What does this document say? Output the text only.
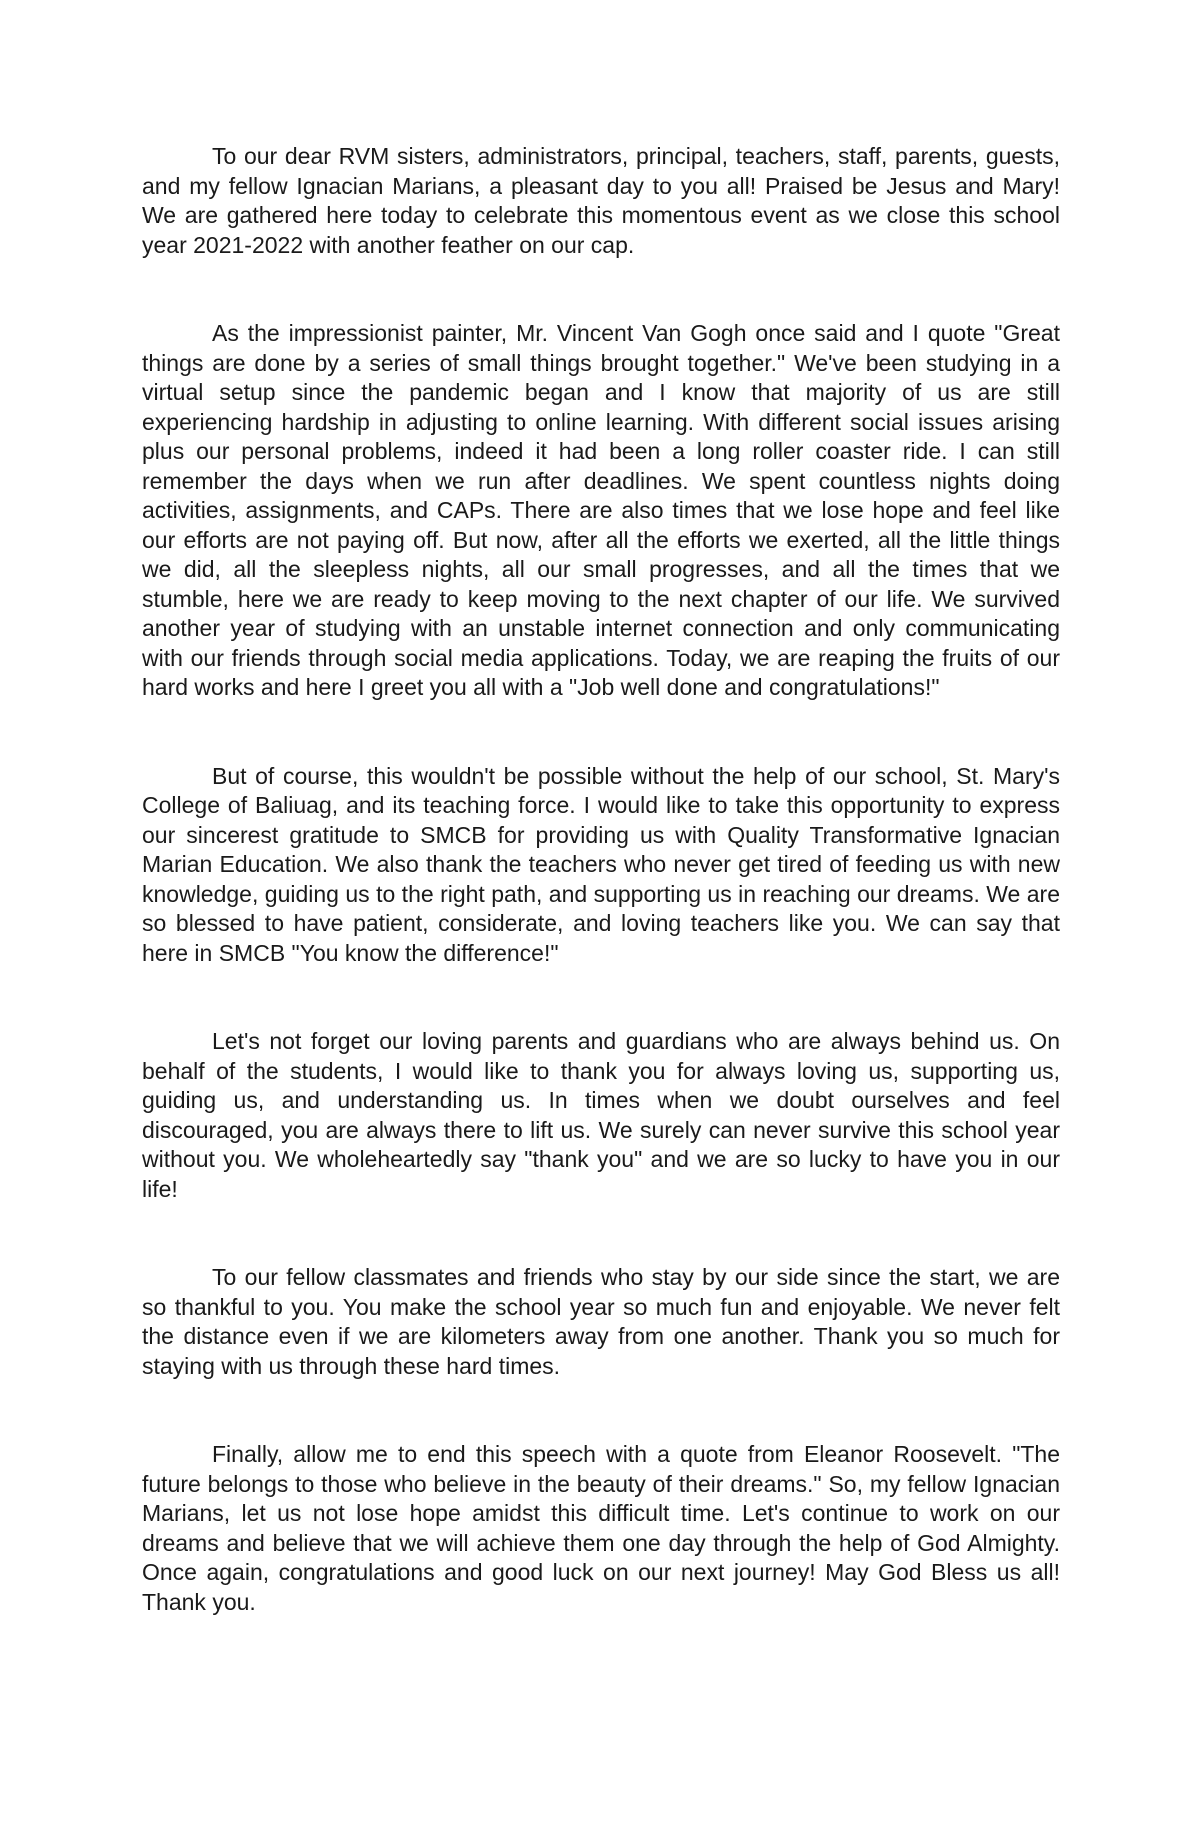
To our dear RVM sisters, administrators, principal, teachers, staff, parents, guests, and my fellow Ignacian Marians, a pleasant day to you all! Praised be Jesus and Mary! We are gathered here today to celebrate this momentous event as we close this school year 2021-2022 with another feather on our cap.

As the impressionist painter, Mr. Vincent Van Gogh once said and I quote "Great things are done by a series of small things brought together." We've been studying in a virtual setup since the pandemic began and I know that majority of us are still experiencing hardship in adjusting to online learning. With different social issues arising plus our personal problems, indeed it had been a long roller coaster ride. I can still remember the days when we run after deadlines. We spent countless nights doing activities, assignments, and CAPs. There are also times that we lose hope and feel like our efforts are not paying off. But now, after all the efforts we exerted, all the little things we did, all the sleepless nights, all our small progresses, and all the times that we stumble, here we are ready to keep moving to the next chapter of our life. We survived another year of studying with an unstable internet connection and only communicating with our friends through social media applications. Today, we are reaping the fruits of our hard works and here I greet you all with a "Job well done and congratulations!"

But of course, this wouldn't be possible without the help of our school, St. Mary's College of Baliuag, and its teaching force. I would like to take this opportunity to express our sincerest gratitude to SMCB for providing us with Quality Transformative Ignacian Marian Education. We also thank the teachers who never get tired of feeding us with new knowledge, guiding us to the right path, and supporting us in reaching our dreams. We are so blessed to have patient, considerate, and loving teachers like you. We can say that here in SMCB "You know the difference!"

Let's not forget our loving parents and guardians who are always behind us. On behalf of the students, I would like to thank you for always loving us, supporting us, guiding us, and understanding us. In times when we doubt ourselves and feel discouraged, you are always there to lift us. We surely can never survive this school year without you. We wholeheartedly say "thank you" and we are so lucky to have you in our life!

To our fellow classmates and friends who stay by our side since the start, we are so thankful to you. You make the school year so much fun and enjoyable. We never felt the distance even if we are kilometers away from one another. Thank you so much for staying with us through these hard times.

Finally, allow me to end this speech with a quote from Eleanor Roosevelt. "The future belongs to those who believe in the beauty of their dreams." So, my fellow Ignacian Marians, let us not lose hope amidst this difficult time. Let's continue to work on our dreams and believe that we will achieve them one day through the help of God Almighty. Once again, congratulations and good luck on our next journey! May God Bless us all! Thank you.
